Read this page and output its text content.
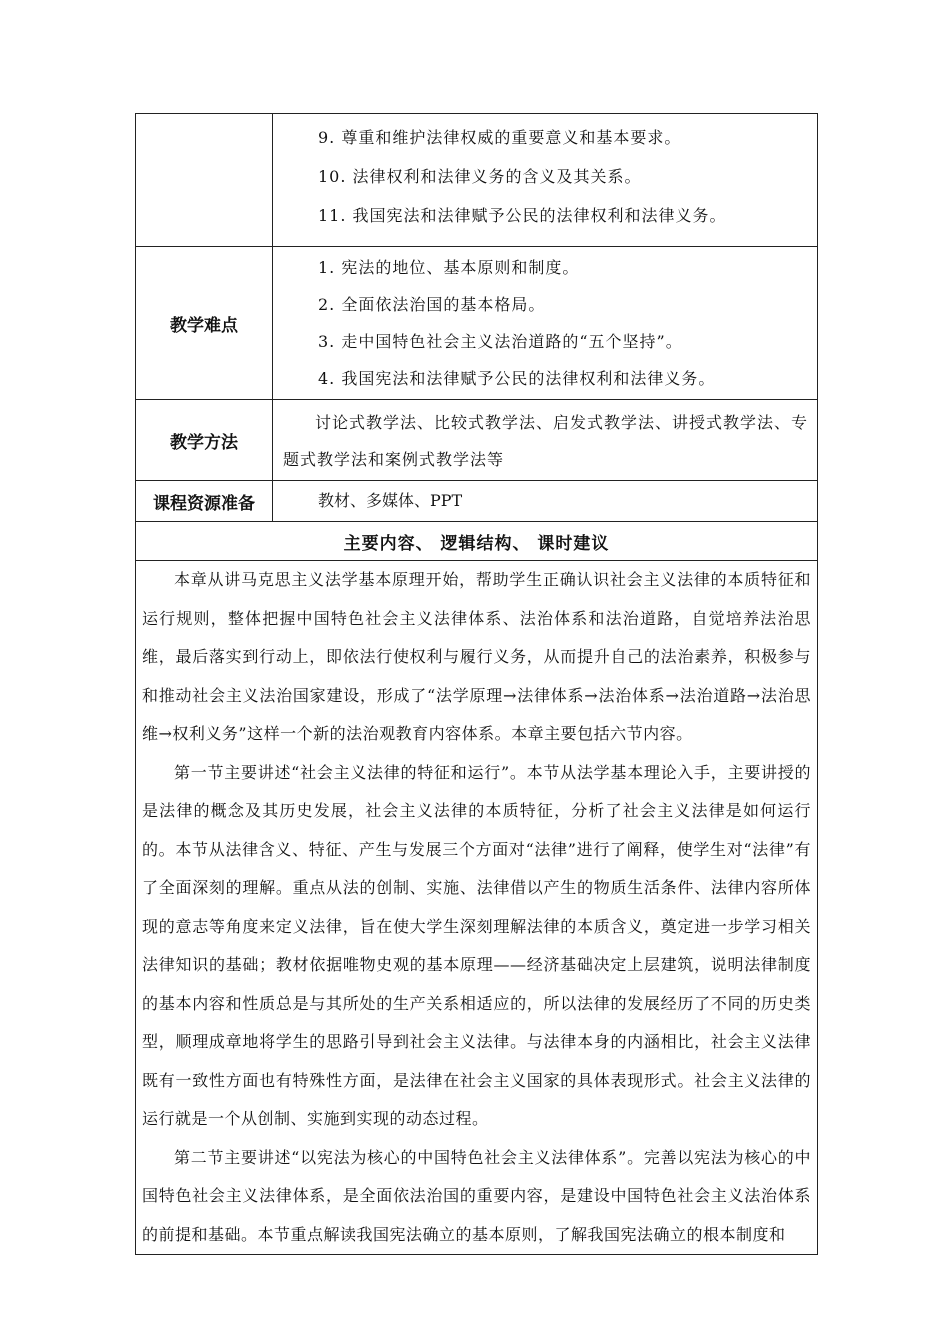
	9. 尊重和维护法律权威的重要意义和基本要求。
10. 法律权利和法律义务的含义及其关系。
11. 我国宪法和法律赋予公民的法律权利和法律义务。

教学难点	1. 宪法的地位、基本原则和制度。
2. 全面依法治国的基本格局。
3. 走中国特色社会主义法治道路的“五个坚持”。
4. 我国宪法和法律赋予公民的法律权利和法律义务。

教学方法	讨论式教学法、比较式教学法、启发式教学法、讲授式教学法、专题式教学法和案例式教学法等

课程资源准备	教材、多媒体、PPT

主要内容、 逻辑结构、 课时建议	

本章从讲马克思主义法学基本原理开始，帮助学生正确认识社会主义法律的本质特征和运行规则，整体把握中国特色社会主义法律体系、法治体系和法治道路，自觉培养法治思维，最后落实到行动上，即依法行使权利与履行义务，从而提升自己的法治素养，积极参与和推动社会主义法治国家建设，形成了“法学原理→法律体系→法治体系→法治道路→法治思维→权利义务”这样一个新的法治观教育内容体系。本章主要包括六节内容。
第一节主要讲述“社会主义法律的特征和运行”。本节从法学基本理论入手，主要讲授的是法律的概念及其历史发展，社会主义法律的本质特征，分析了社会主义法律是如何运行的。本节从法律含义、特征、产生与发展三个方面对“法律”进行了阐释，使学生对“法律”有了全面深刻的理解。重点从法的创制、实施、法律借以产生的物质生活条件、法律内容所体现的意志等角度来定义法律，旨在使大学生深刻理解法律的本质含义，奠定进一步学习相关法律知识的基础；教材依据唯物史观的基本原理——经济基础决定上层建筑，说明法律制度的基本内容和性质总是与其所处的生产关系相适应的，所以法律的发展经历了不同的历史类型，顺理成章地将学生的思路引导到社会主义法律。与法律本身的内涵相比，社会主义法律既有一致性方面也有特殊性方面，是法律在社会主义国家的具体表现形式。社会主义法律的运行就是一个从创制、实施到实现的动态过程。
第二节主要讲述“以宪法为核心的中国特色社会主义法律体系”。完善以宪法为核心的中国特色社会主义法律体系，是全面依法治国的重要内容，是建设中国特色社会主义法治体系的前提和基础。本节重点解读我国宪法确立的基本原则，了解我国宪法确立的根本制度和	
